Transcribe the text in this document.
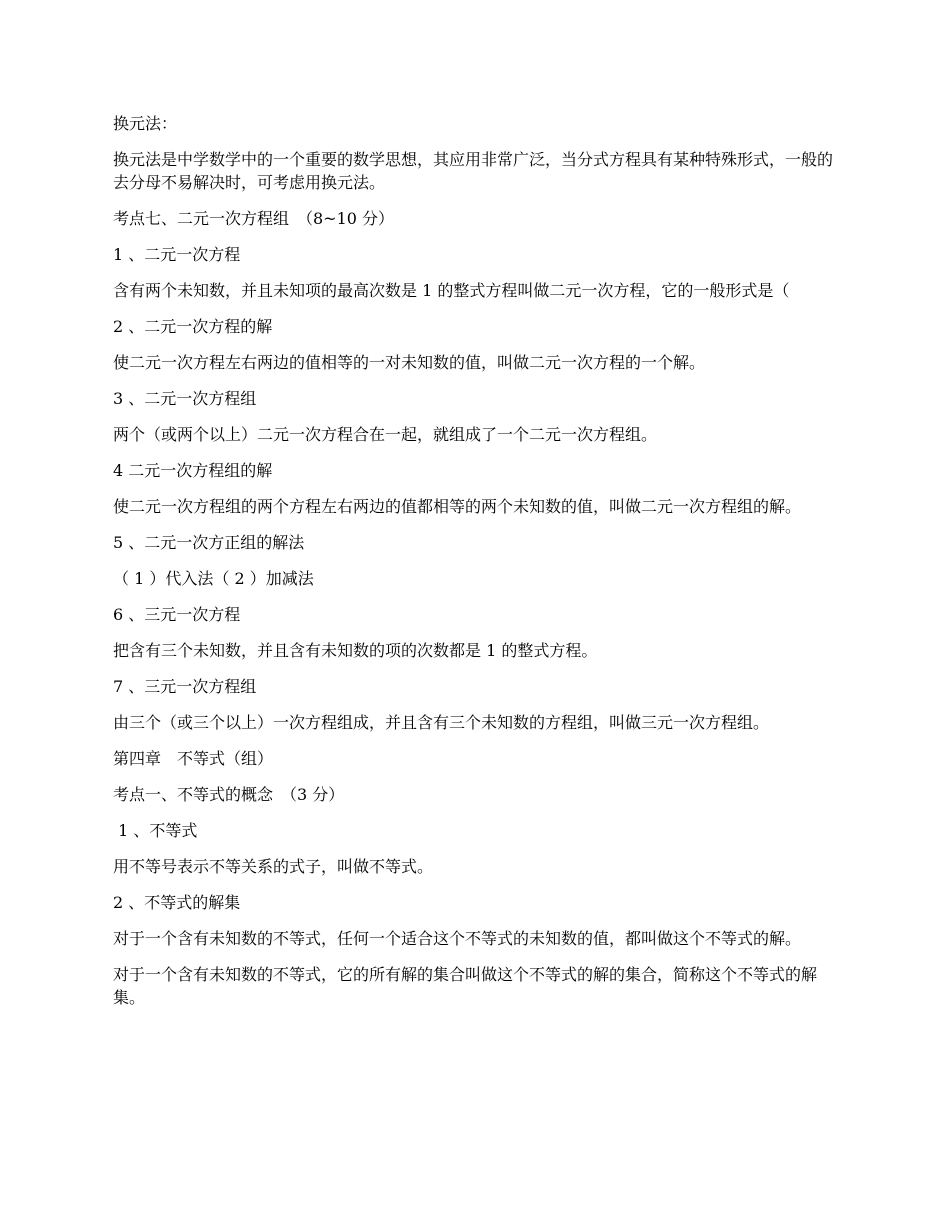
换元法：

换元法是中学数学中的一个重要的数学思想，其应用非常广泛，当分式方程具有某种特殊形式，一般的去分母不易解决时，可考虑用换元法。

考点七、二元一次方程组　（8~10 分）

1 、二元一次方程

含有两个未知数，并且未知项的最高次数是 1 的整式方程叫做二元一次方程，它的一般形式是（

2 、二元一次方程的解

使二元一次方程左右两边的值相等的一对未知数的值，叫做二元一次方程的一个解。

3 、二元一次方程组

两个（或两个以上）二元一次方程合在一起，就组成了一个二元一次方程组。

4 二元一次方程组的解

使二元一次方程组的两个方程左右两边的值都相等的两个未知数的值，叫做二元一次方程组的解。

5 、二元一次方正组的解法

（ 1 ）代入法（ 2 ）加减法

6 、三元一次方程

把含有三个未知数，并且含有未知数的项的次数都是 1 的整式方程。

7 、三元一次方程组

由三个（或三个以上）一次方程组成，并且含有三个未知数的方程组，叫做三元一次方程组。

第四章　不等式（组）

考点一、不等式的概念　（3 分）

1 、不等式

用不等号表示不等关系的式子，叫做不等式。

2 、不等式的解集

对于一个含有未知数的不等式，任何一个适合这个不等式的未知数的值，都叫做这个不等式的解。

对于一个含有未知数的不等式，它的所有解的集合叫做这个不等式的解的集合，简称这个不等式的解集。
